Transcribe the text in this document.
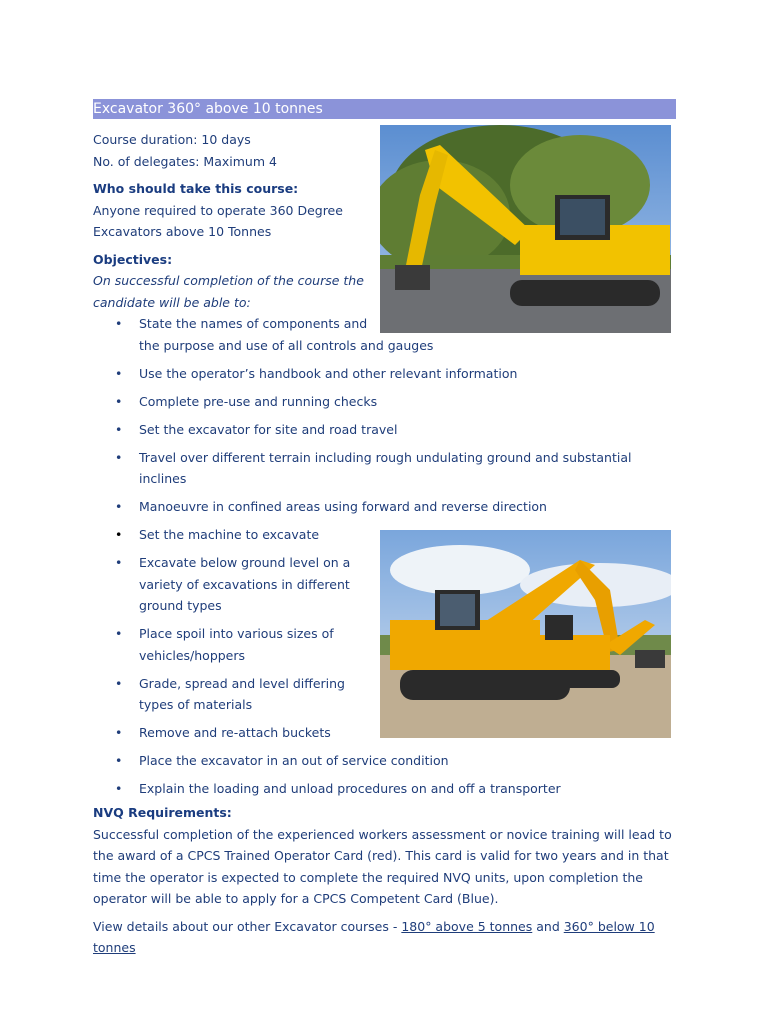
Excavator 360° above 10 tonnes

Course duration: 10 days

No. of delegates: Maximum 4

Who should take this course:

Anyone required to operate 360 Degree

Excavators above 10 Tonnes

Objectives:

On successful completion of the course the

candidate will be able to:

• State the names of components and
the purpose and use of all controls and gauges
• Use the operator’s handbook and other relevant information
• Complete pre-use and running checks
• Set the excavator for site and road travel
• Travel over different terrain including rough undulating ground and substantial
inclines
• Manoeuvre in confined areas using forward and reverse direction
• Set the machine to excavate
• Excavate below ground level on a
variety of excavations in different
ground types
• Place spoil into various sizes of
vehicles/hoppers
• Grade, spread and level differing
types of materials
• Remove and re-attach buckets
• Place the excavator in an out of service condition
• Explain the loading and unload procedures on and off a transporter

NVQ Requirements:

Successful completion of the experienced workers assessment or novice training will lead to

the award of a CPCS Trained Operator Card (red). This card is valid for two years and in that

time the operator is expected to complete the required NVQ units, upon completion the

operator will be able to apply for a CPCS Competent Card (Blue).

View details about our other Excavator courses - 180° above 5 tonnes and 360° below 10

tonnes
